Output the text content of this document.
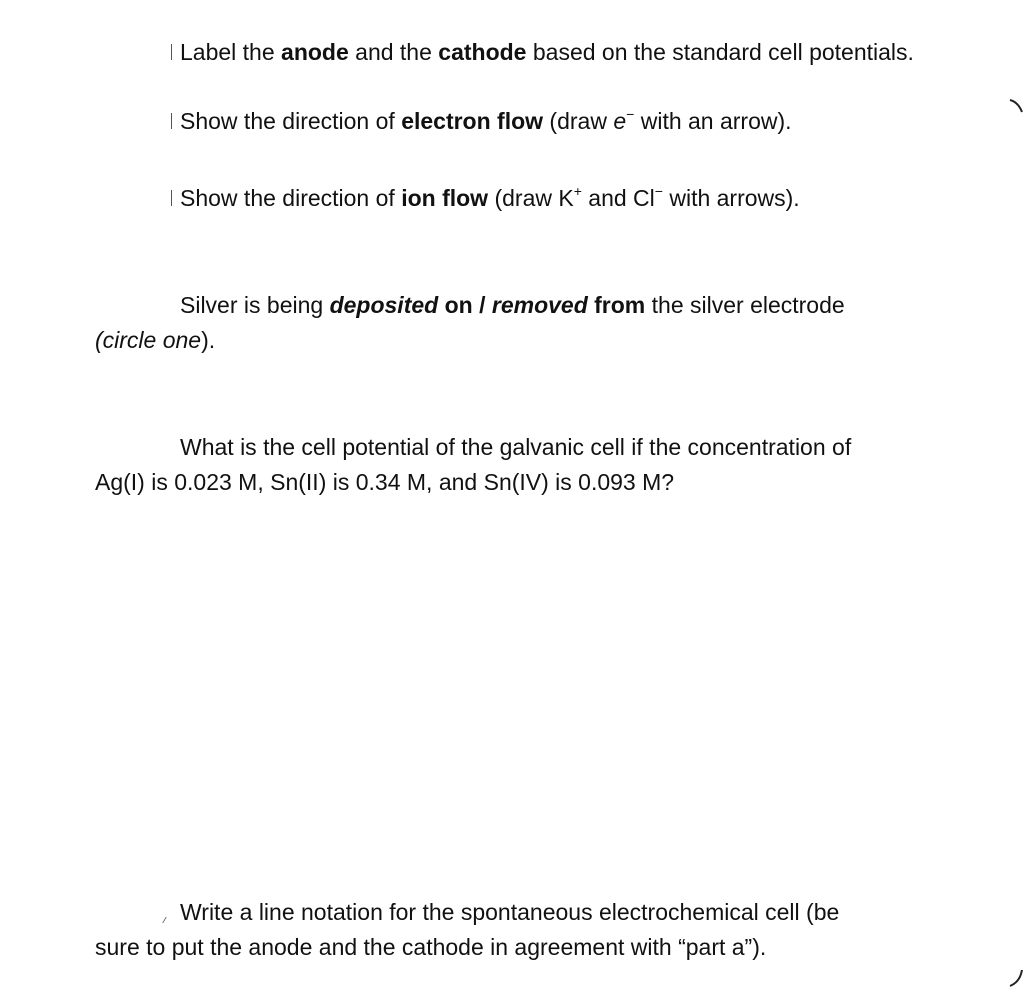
Label the anode and the cathode based on the standard cell potentials.
Show the direction of electron flow (draw e− with an arrow).
Show the direction of ion flow (draw K+ and Cl− with arrows).
Silver is being deposited on / removed from the silver electrode
(circle one).
What is the cell potential of the galvanic cell if the concentration of
Ag(I) is 0.023 M, Sn(II) is 0.34 M, and Sn(IV) is 0.093 M?
Write a line notation for the spontaneous electrochemical cell (be
sure to put the anode and the cathode in agreement with “part a”).
